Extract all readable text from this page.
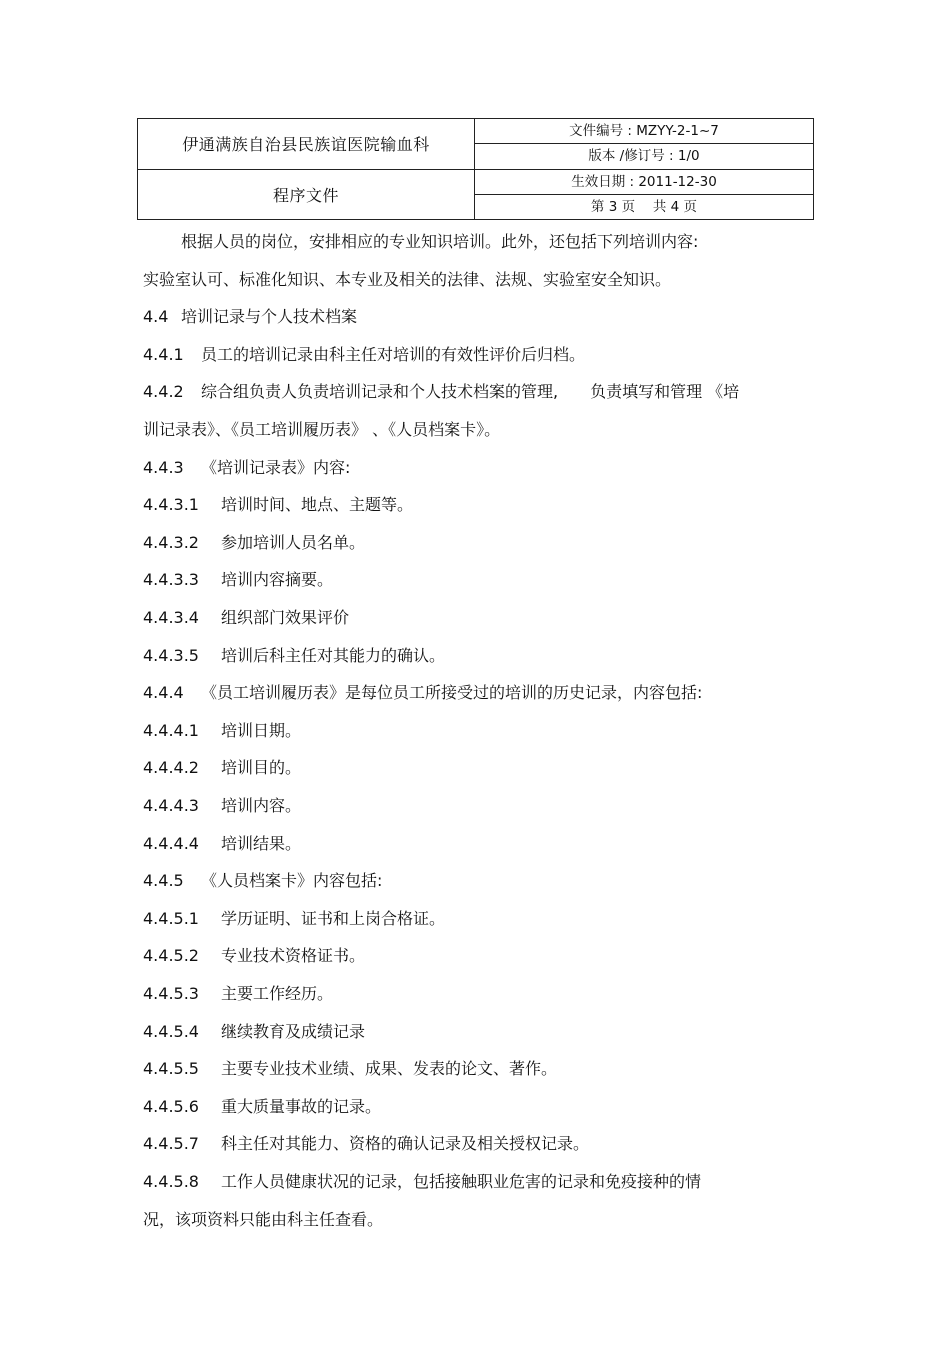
伊通满族自治县民族谊医院输血科	文件编号 : MZYY-2-1~7
	版本 /修订号 : 1/0
程序文件	生效日期 : 2011-12-30
	第 3 页　 共 4 页
根据人员的岗位，安排相应的专业知识培训。此外，还包括下列培训内容:
实验室认可、标准化知识、本专业及相关的法律、法规、实验室安全知识。
4.4 培训记录与个人技术档案
4.4.1 员工的培训记录由科主任对培训的有效性评价后归档。
4.4.2 综合组负责人负责培训记录和个人技术档案的管理,　　负责填写和管理 《培
训记录表》、《员工培训履历表》 、《人员档案卡》。
4.4.3 《培训记录表》内容:
4.4.3.1 培训时间、地点、主题等。
4.4.3.2 参加培训人员名单。
4.4.3.3 培训内容摘要。
4.4.3.4 组织部门效果评价
4.4.3.5 培训后科主任对其能力的确认。
4.4.4 《员工培训履历表》是每位员工所接受过的培训的历史记录，内容包括:
4.4.4.1 培训日期。
4.4.4.2 培训目的。
4.4.4.3 培训内容。
4.4.4.4 培训结果。
4.4.5 《人员档案卡》内容包括:
4.4.5.1 学历证明、证书和上岗合格证。
4.4.5.2 专业技术资格证书。
4.4.5.3 主要工作经历。
4.4.5.4 继续教育及成绩记录
4.4.5.5 主要专业技术业绩、成果、发表的论文、著作。
4.4.5.6 重大质量事故的记录。
4.4.5.7 科主任对其能力、资格的确认记录及相关授权记录。
4.4.5.8 工作人员健康状况的记录，包括接触职业危害的记录和免疫接种的情
况，该项资料只能由科主任查看。
